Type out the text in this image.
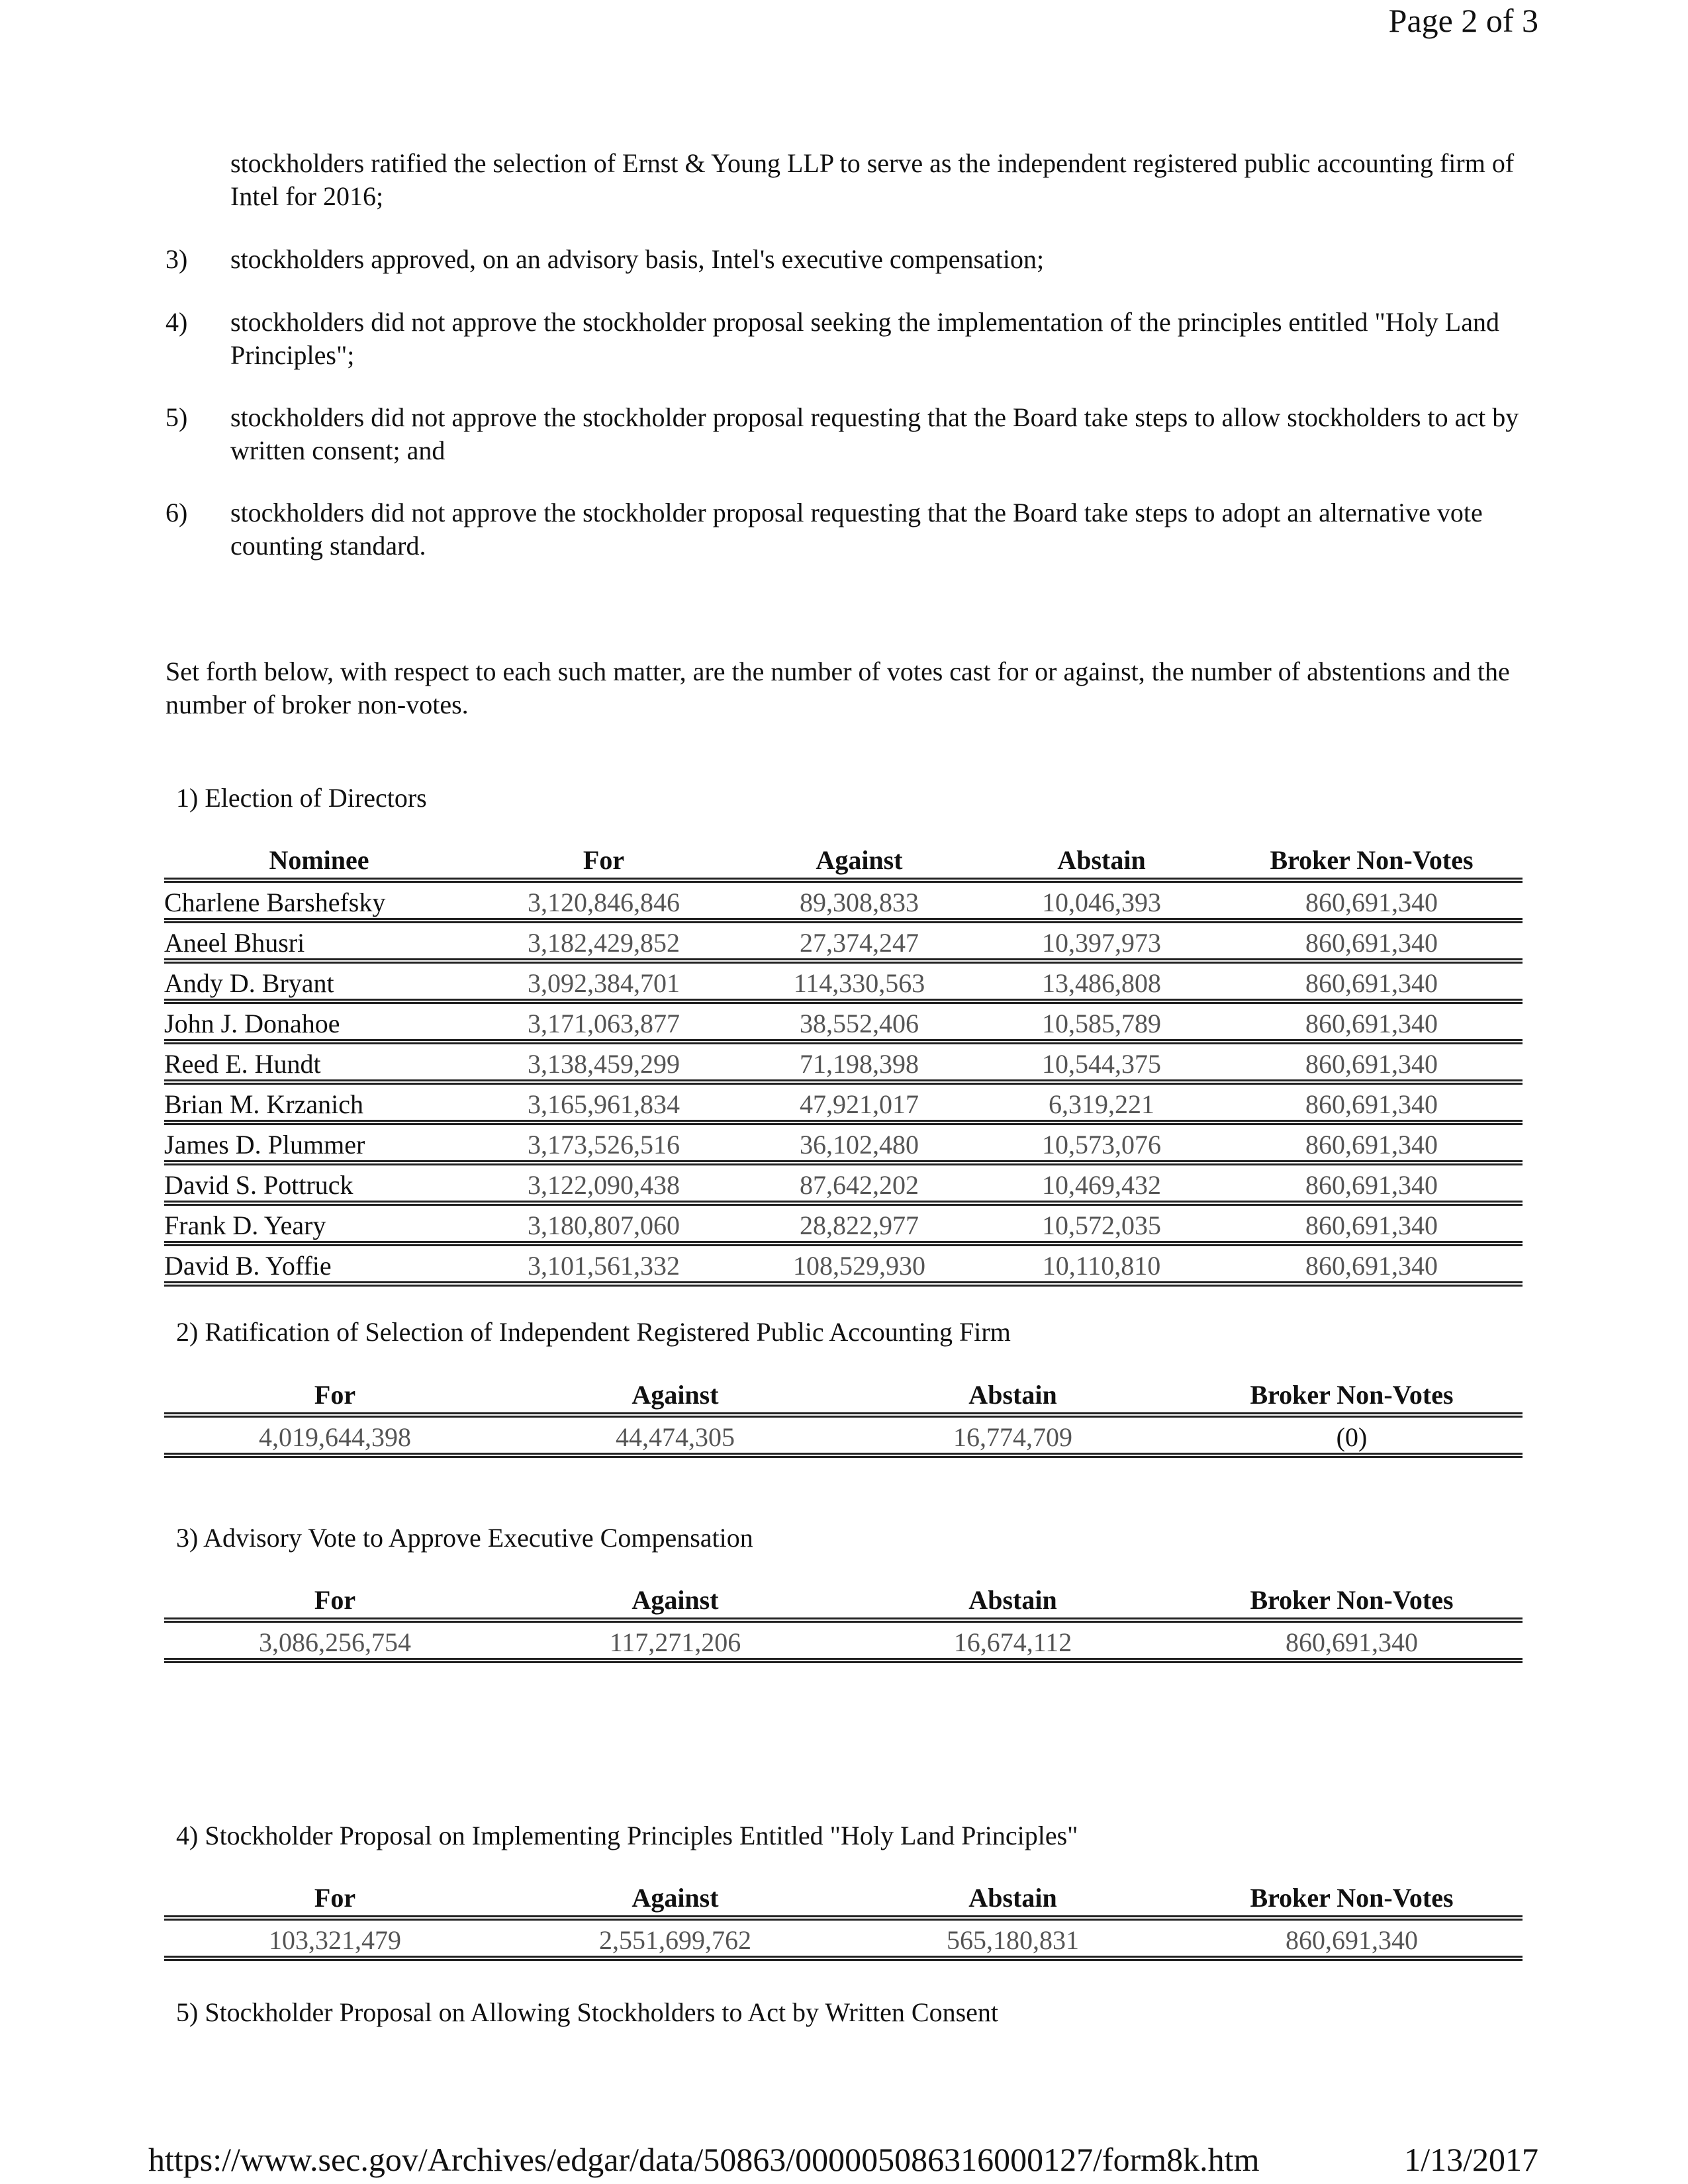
Page 2 of 3
stockholders ratified the selection of Ernst & Young LLP to serve as the independent registered public accounting firm of Intel for 2016;
3) stockholders approved, on an advisory basis, Intel's executive compensation;
4) stockholders did not approve the stockholder proposal seeking the implementation of the principles entitled "Holy Land Principles";
5) stockholders did not approve the stockholder proposal requesting that the Board take steps to allow stockholders to act by written consent; and
6) stockholders did not approve the stockholder proposal requesting that the Board take steps to adopt an alternative vote counting standard.
Set forth below, with respect to each such matter, are the number of votes cast for or against, the number of abstentions and the number of broker non-votes.
1) Election of Directors
Nominee	For	Against	Abstain	Broker Non-Votes
Charlene Barshefsky	3,120,846,846	89,308,833	10,046,393	860,691,340
Aneel Bhusri	3,182,429,852	27,374,247	10,397,973	860,691,340
Andy D. Bryant	3,092,384,701	114,330,563	13,486,808	860,691,340
John J. Donahoe	3,171,063,877	38,552,406	10,585,789	860,691,340
Reed E. Hundt	3,138,459,299	71,198,398	10,544,375	860,691,340
Brian M. Krzanich	3,165,961,834	47,921,017	6,319,221	860,691,340
James D. Plummer	3,173,526,516	36,102,480	10,573,076	860,691,340
David S. Pottruck	3,122,090,438	87,642,202	10,469,432	860,691,340
Frank D. Yeary	3,180,807,060	28,822,977	10,572,035	860,691,340
David B. Yoffie	3,101,561,332	108,529,930	10,110,810	860,691,340
2) Ratification of Selection of Independent Registered Public Accounting Firm
For	Against	Abstain	Broker Non-Votes
4,019,644,398	44,474,305	16,774,709	(0)
3) Advisory Vote to Approve Executive Compensation
For	Against	Abstain	Broker Non-Votes
3,086,256,754	117,271,206	16,674,112	860,691,340
4) Stockholder Proposal on Implementing Principles Entitled "Holy Land Principles"
For	Against	Abstain	Broker Non-Votes
103,321,479	2,551,699,762	565,180,831	860,691,340
5) Stockholder Proposal on Allowing Stockholders to Act by Written Consent
https://www.sec.gov/Archives/edgar/data/50863/000005086316000127/form8k.htm	1/13/2017
